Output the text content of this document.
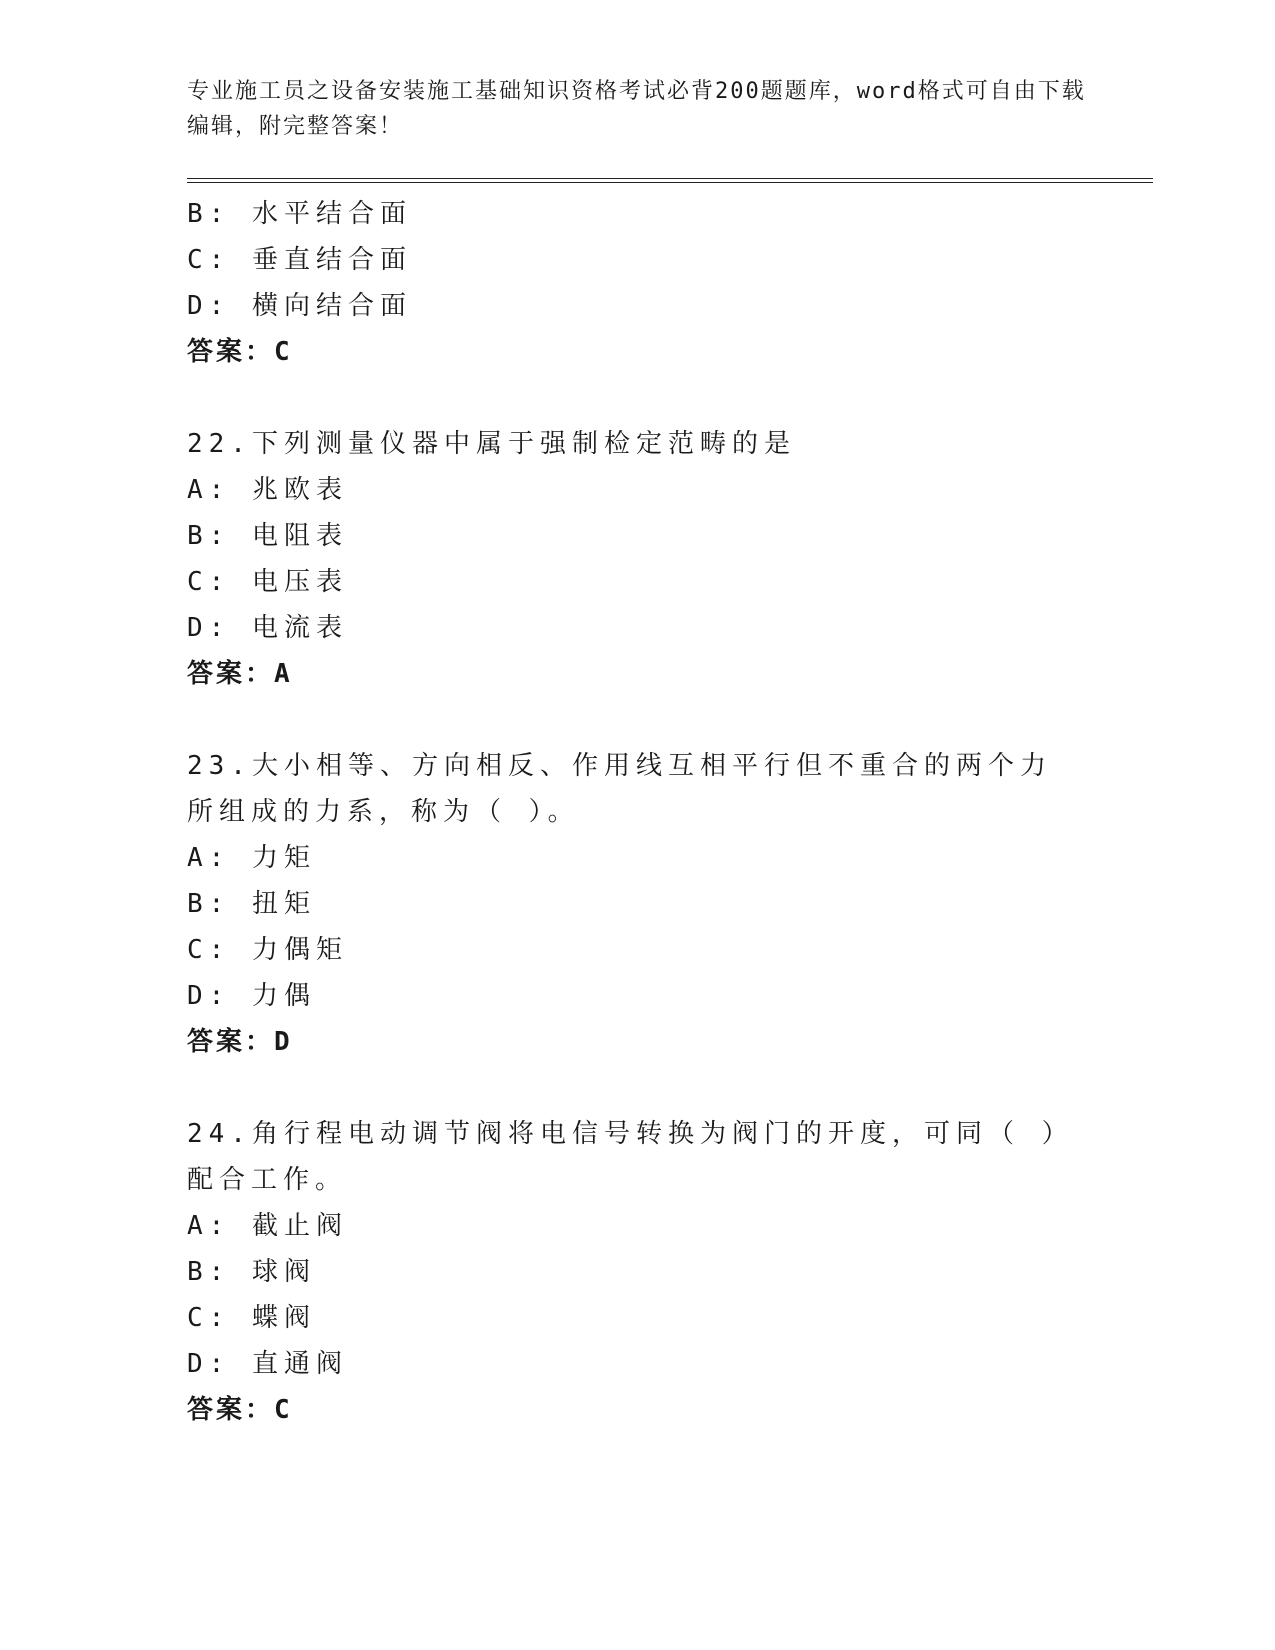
专业施工员之设备安装施工基础知识资格考试必背200题题库，word格式可自由下载编辑，附完整答案！
B: 水平结合面
C: 垂直结合面
D: 横向结合面
答案：C
22.下列测量仪器中属于强制检定范畴的是
A: 兆欧表
B: 电阻表
C: 电压表
D: 电流表
答案：A
23.大小相等、方向相反、作用线互相平行但不重合的两个力所组成的力系，称为（ ）。
A: 力矩
B: 扭矩
C: 力偶矩
D: 力偶
答案：D
24.角行程电动调节阀将电信号转换为阀门的开度，可同（ ）配合工作。
A: 截止阀
B: 球阀
C: 蝶阀
D: 直通阀
答案：C
